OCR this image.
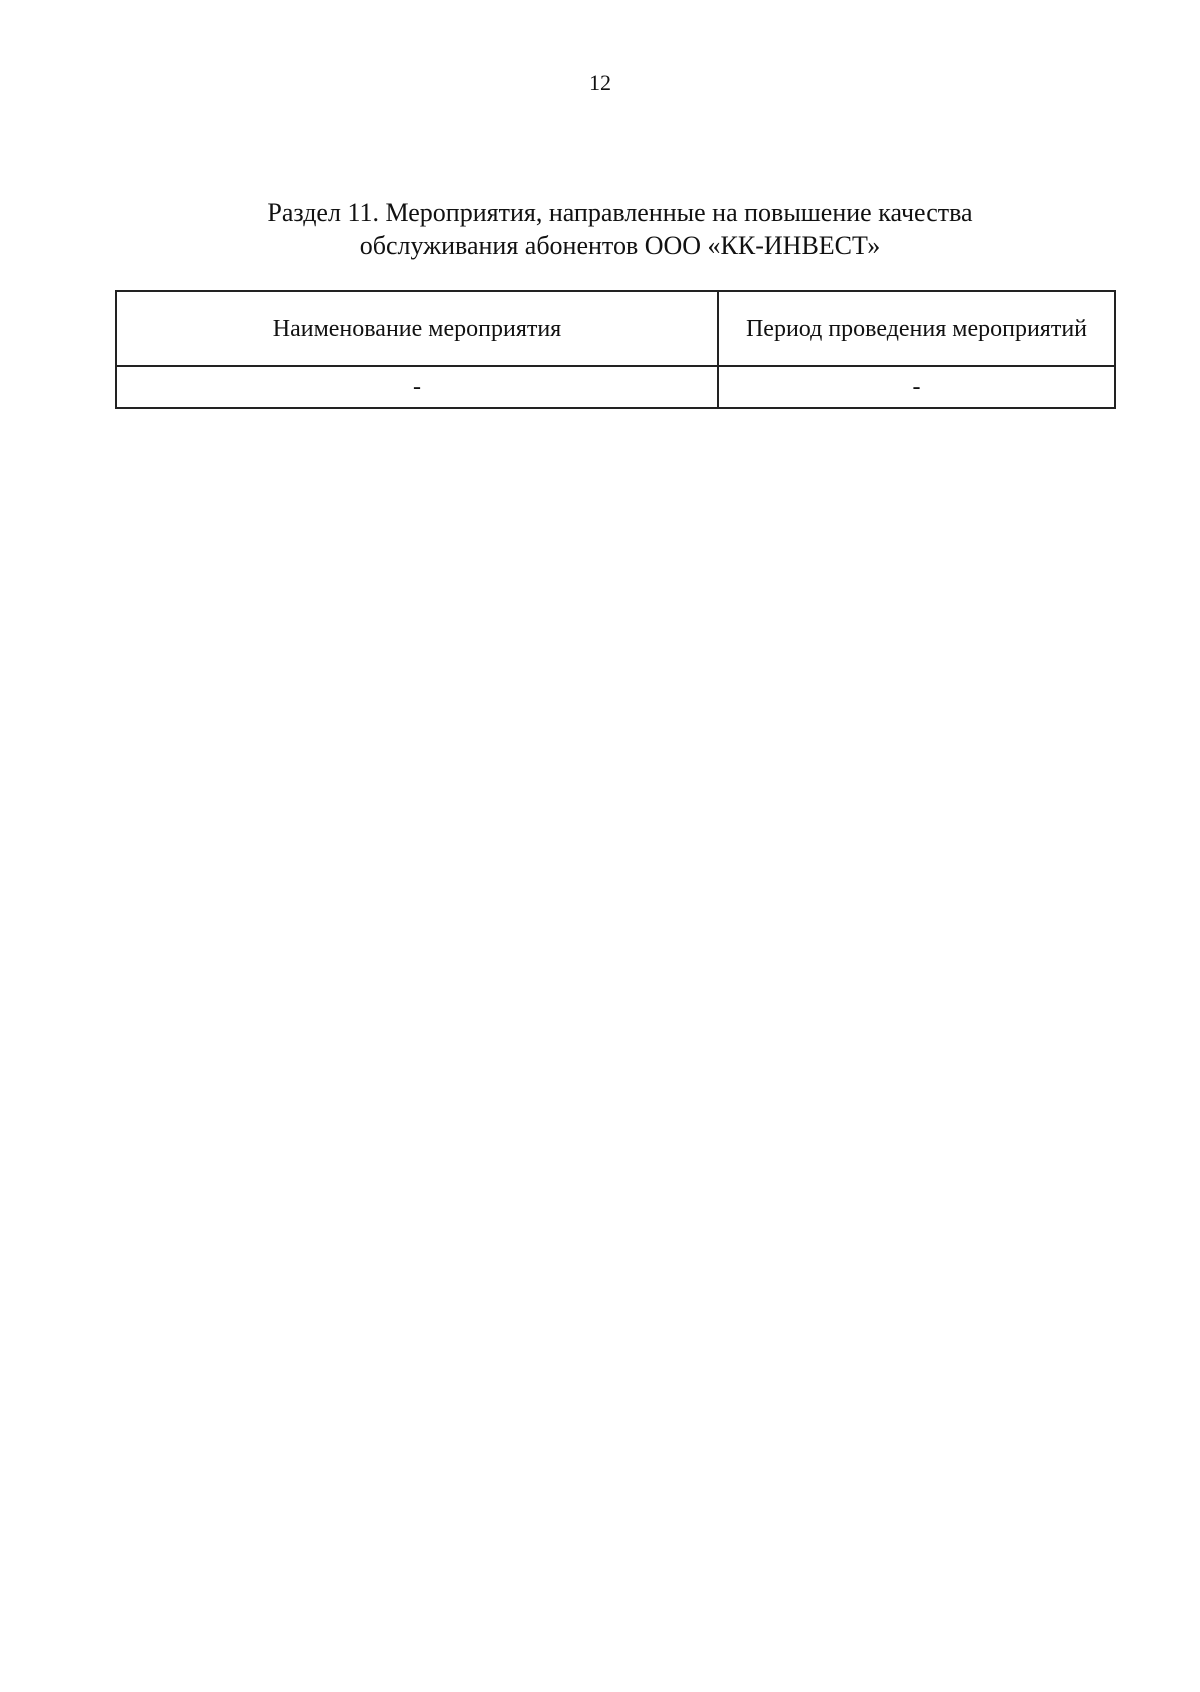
12
Раздел 11. Мероприятия, направленные на повышение качества
обслуживания абонентов ООО «КК-ИНВЕСТ»
Наименование мероприятия	Период проведения мероприятий
-	-
